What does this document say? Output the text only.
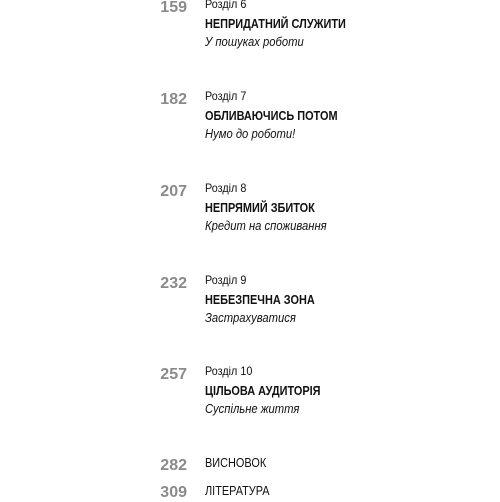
159 Розділ 6
НЕПРИДАТНИЙ СЛУЖИТИ
У пошуках роботи
182 Розділ 7
ОБЛИВАЮЧИСЬ ПОТОМ
Нумо до роботи!
207 Розділ 8
НЕПРЯМИЙ ЗБИТОК
Кредит на споживання
232 Розділ 9
НЕБЕЗПЕЧНА ЗОНА
Застрахуватися
257 Розділ 10
ЦІЛЬОВА АУДИТОРІЯ
Суспільне життя
282 ВИСНОВОК
309 ЛІТЕРАТУРА
